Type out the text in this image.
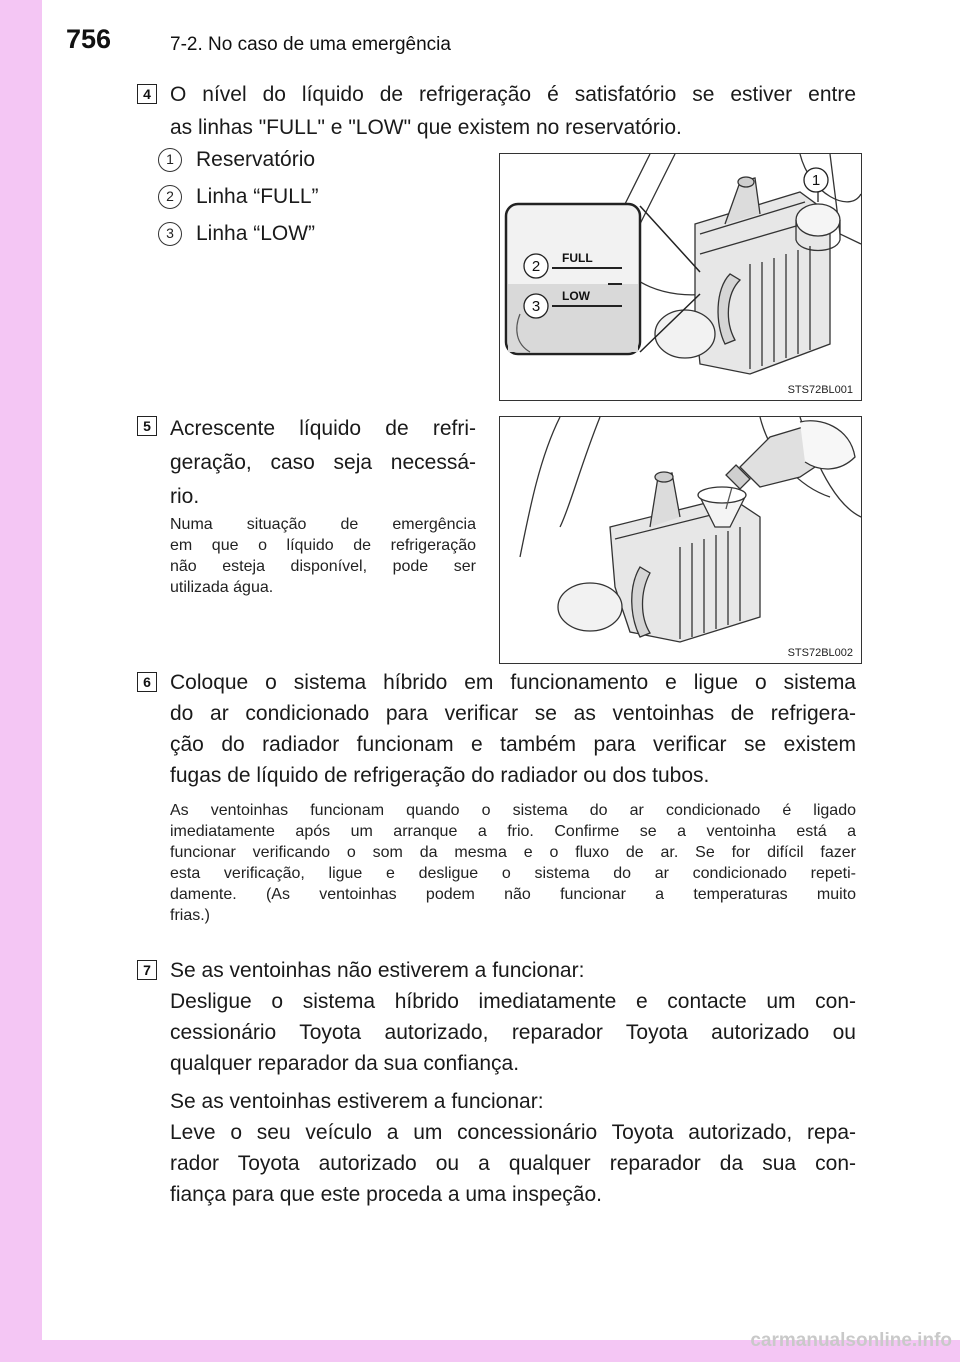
756	7-2. No caso de uma emergência
4 O nível do líquido de refrigeração é satisfatório se estiver entre
as linhas "FULL" e "LOW" que existem no reservatório.
1	Reservatório
2	Linha “FULL”
3	Linha “LOW”
FULL
LOW
1
2
3
STS72BL001
5 Acrescente líquido de refri-
geração, caso seja necessá-
rio.
Numa situação de emergência
em que o líquido de refrigeração
não esteja disponível, pode ser
utilizada água.
STS72BL002
6 Coloque o sistema híbrido em funcionamento e ligue o sistema
do ar condicionado para verificar se as ventoinhas de refrigera-
ção do radiador funcionam e também para verificar se existem
fugas de líquido de refrigeração do radiador ou dos tubos.
As ventoinhas funcionam quando o sistema do ar condicionado é ligado
imediatamente após um arranque a frio. Confirme se a ventoinha está a
funcionar verificando o som da mesma e o fluxo de ar. Se for difícil fazer
esta verificação, ligue e desligue o sistema do ar condicionado repeti-
damente. (As ventoinhas podem não funcionar a temperaturas muito
frias.)
7 Se as ventoinhas não estiverem a funcionar:
Desligue o sistema híbrido imediatamente e contacte um con-
cessionário Toyota autorizado, reparador Toyota autorizado ou
qualquer reparador da sua confiança.
Se as ventoinhas estiverem a funcionar:
Leve o seu veículo a um concessionário Toyota autorizado, repa-
rador Toyota autorizado ou a qualquer reparador da sua con-
fiança para que este proceda a uma inspeção.
carmanualsonline.info
